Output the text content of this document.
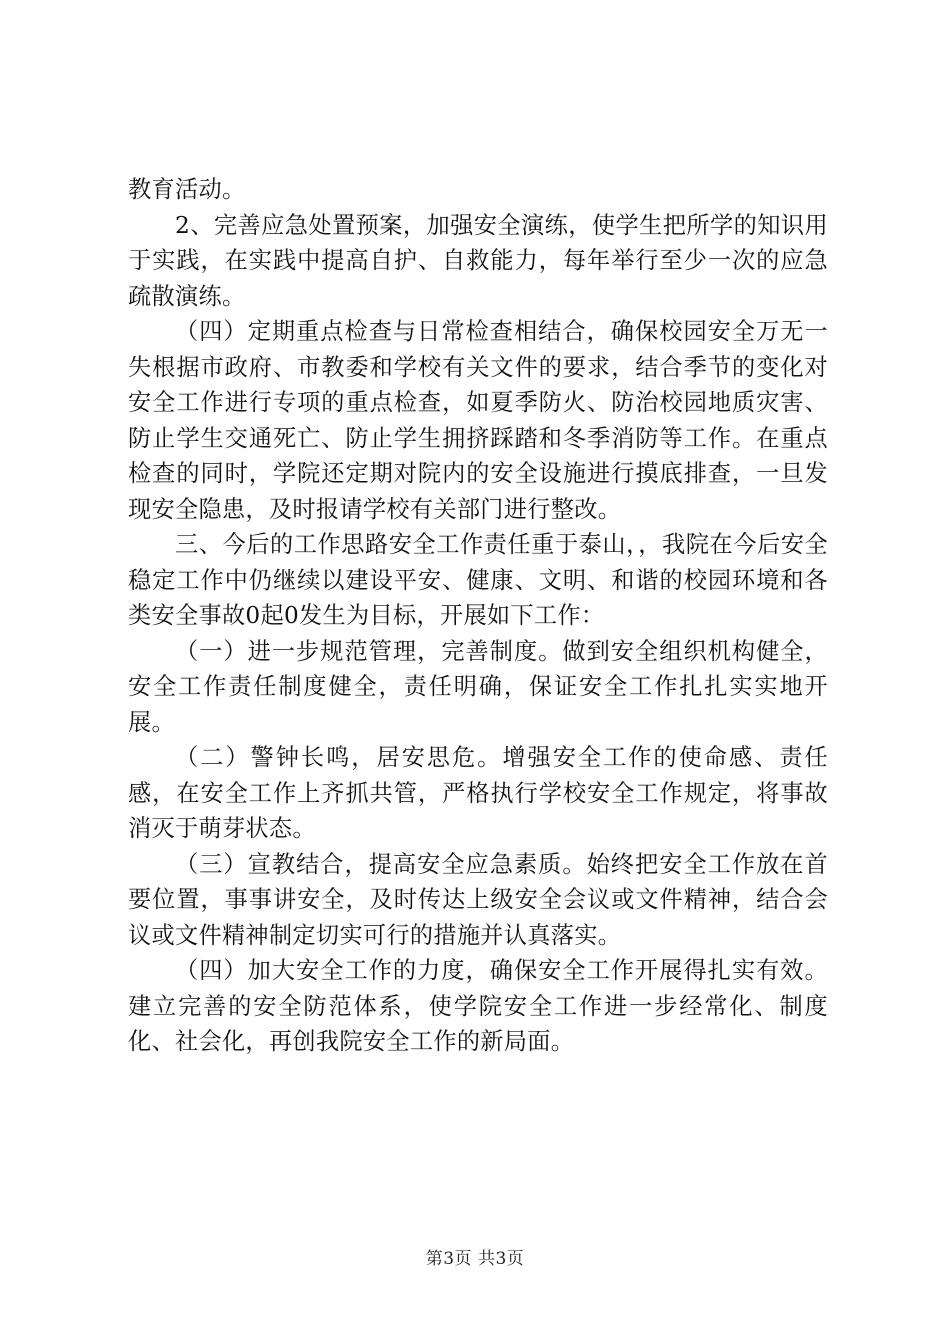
教育活动。

2、完善应急处置预案，加强安全演练，使学生把所学的知识用于实践，在实践中提高自护、自救能力，每年举行至少一次的应急疏散演练。

（四）定期重点检查与日常检查相结合，确保校园安全万无一失根据市政府、市教委和学校有关文件的要求，结合季节的变化对安全工作进行专项的重点检查，如夏季防火、防治校园地质灾害、防止学生交通死亡、防止学生拥挤踩踏和冬季消防等工作。在重点检查的同时，学院还定期对院内的安全设施进行摸底排查，一旦发现安全隐患，及时报请学校有关部门进行整改。

三、今后的工作思路安全工作责任重于泰山，，我院在今后安全稳定工作中仍继续以建设平安、健康、文明、和谐的校园环境和各类安全事故0起0发生为目标，开展如下工作：

（一）进一步规范管理，完善制度。做到安全组织机构健全，安全工作责任制度健全，责任明确，保证安全工作扎扎实实地开展。

（二）警钟长鸣，居安思危。增强安全工作的使命感、责任感，在安全工作上齐抓共管，严格执行学校安全工作规定，将事故消灭于萌芽状态。

（三）宣教结合，提高安全应急素质。始终把安全工作放在首要位置，事事讲安全，及时传达上级安全会议或文件精神，结合会议或文件精神制定切实可行的措施并认真落实。

（四）加大安全工作的力度，确保安全工作开展得扎实有效。建立完善的安全防范体系，使学院安全工作进一步经常化、制度化、社会化，再创我院安全工作的新局面。

第3页 共3页
